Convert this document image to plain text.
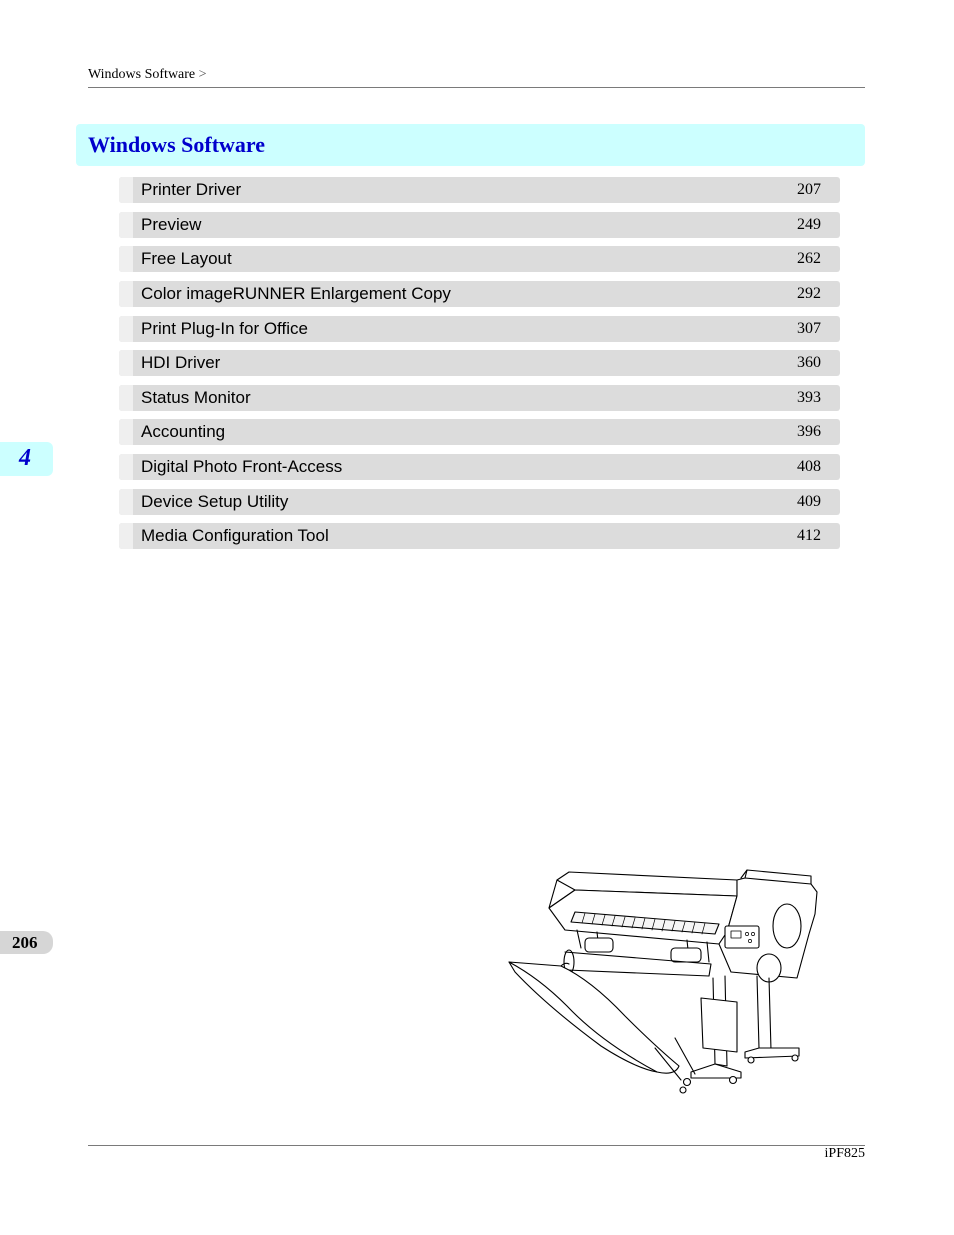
Windows Software >
Windows Software
Printer Driver	207
Preview	249
Free Layout	262
Color imageRUNNER Enlargement Copy	292
Print Plug-In for Office	307
HDI Driver	360
Status Monitor	393
Accounting	396
Digital Photo Front-Access	408
Device Setup Utility	409
Media Configuration Tool	412
4
206
iPF825
